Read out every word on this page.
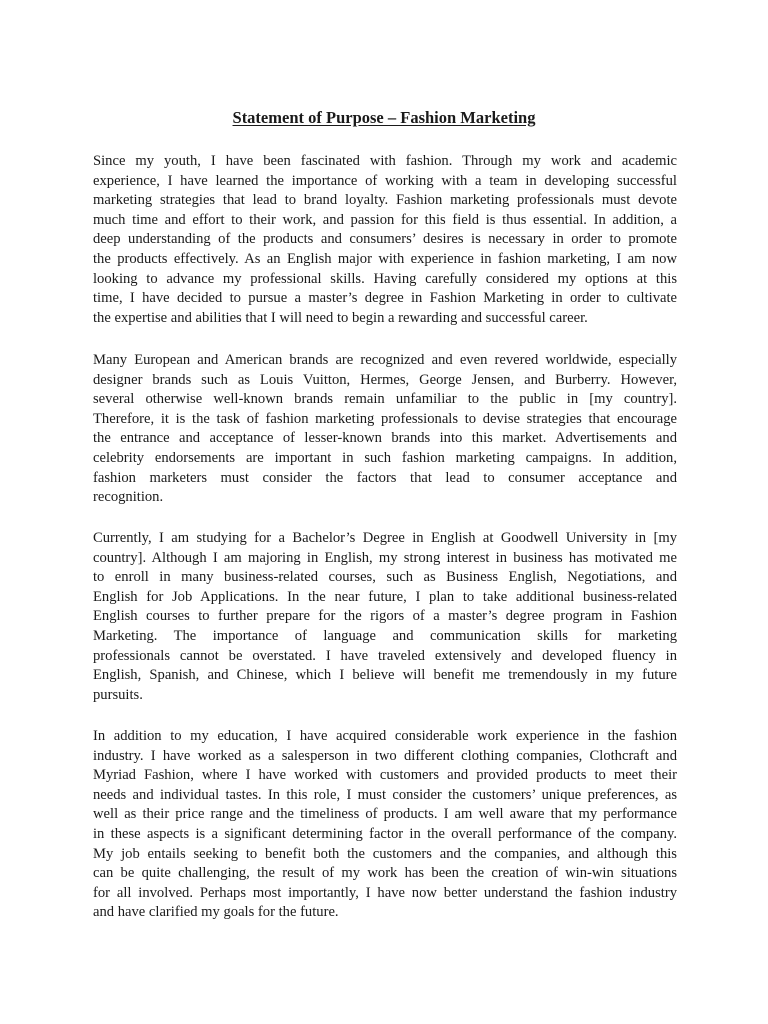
Statement of Purpose – Fashion Marketing
Since my youth, I have been fascinated with fashion. Through my work and academic
experience, I have learned the importance of working with a team in developing successful
marketing strategies that lead to brand loyalty. Fashion marketing professionals must devote
much time and effort to their work, and passion for this field is thus essential. In addition, a
deep understanding of the products and consumers’ desires is necessary in order to promote
the products effectively. As an English major with experience in fashion marketing, I am now
looking to advance my professional skills. Having carefully considered my options at this
time, I have decided to pursue a master’s degree in Fashion Marketing in order to cultivate
the expertise and abilities that I will need to begin a rewarding and successful career.
Many European and American brands are recognized and even revered worldwide, especially
designer brands such as Louis Vuitton, Hermes, George Jensen, and Burberry. However,
several otherwise well-known brands remain unfamiliar to the public in [my country].
Therefore, it is the task of fashion marketing professionals to devise strategies that encourage
the entrance and acceptance of lesser-known brands into this market. Advertisements and
celebrity endorsements are important in such fashion marketing campaigns. In addition,
fashion marketers must consider the factors that lead to consumer acceptance and
recognition.
Currently, I am studying for a Bachelor’s Degree in English at Goodwell University in [my
country]. Although I am majoring in English, my strong interest in business has motivated me
to enroll in many business-related courses, such as Business English, Negotiations, and
English for Job Applications. In the near future, I plan to take additional business-related
English courses to further prepare for the rigors of a master’s degree program in Fashion
Marketing. The importance of language and communication skills for marketing
professionals cannot be overstated. I have traveled extensively and developed fluency in
English, Spanish, and Chinese, which I believe will benefit me tremendously in my future
pursuits.
In addition to my education, I have acquired considerable work experience in the fashion
industry. I have worked as a salesperson in two different clothing companies, Clothcraft and
Myriad Fashion, where I have worked with customers and provided products to meet their
needs and individual tastes. In this role, I must consider the customers’ unique preferences, as
well as their price range and the timeliness of products. I am well aware that my performance
in these aspects is a significant determining factor in the overall performance of the company.
My job entails seeking to benefit both the customers and the companies, and although this
can be quite challenging, the result of my work has been the creation of win-win situations
for all involved. Perhaps most importantly, I have now better understand the fashion industry
and have clarified my goals for the future.
